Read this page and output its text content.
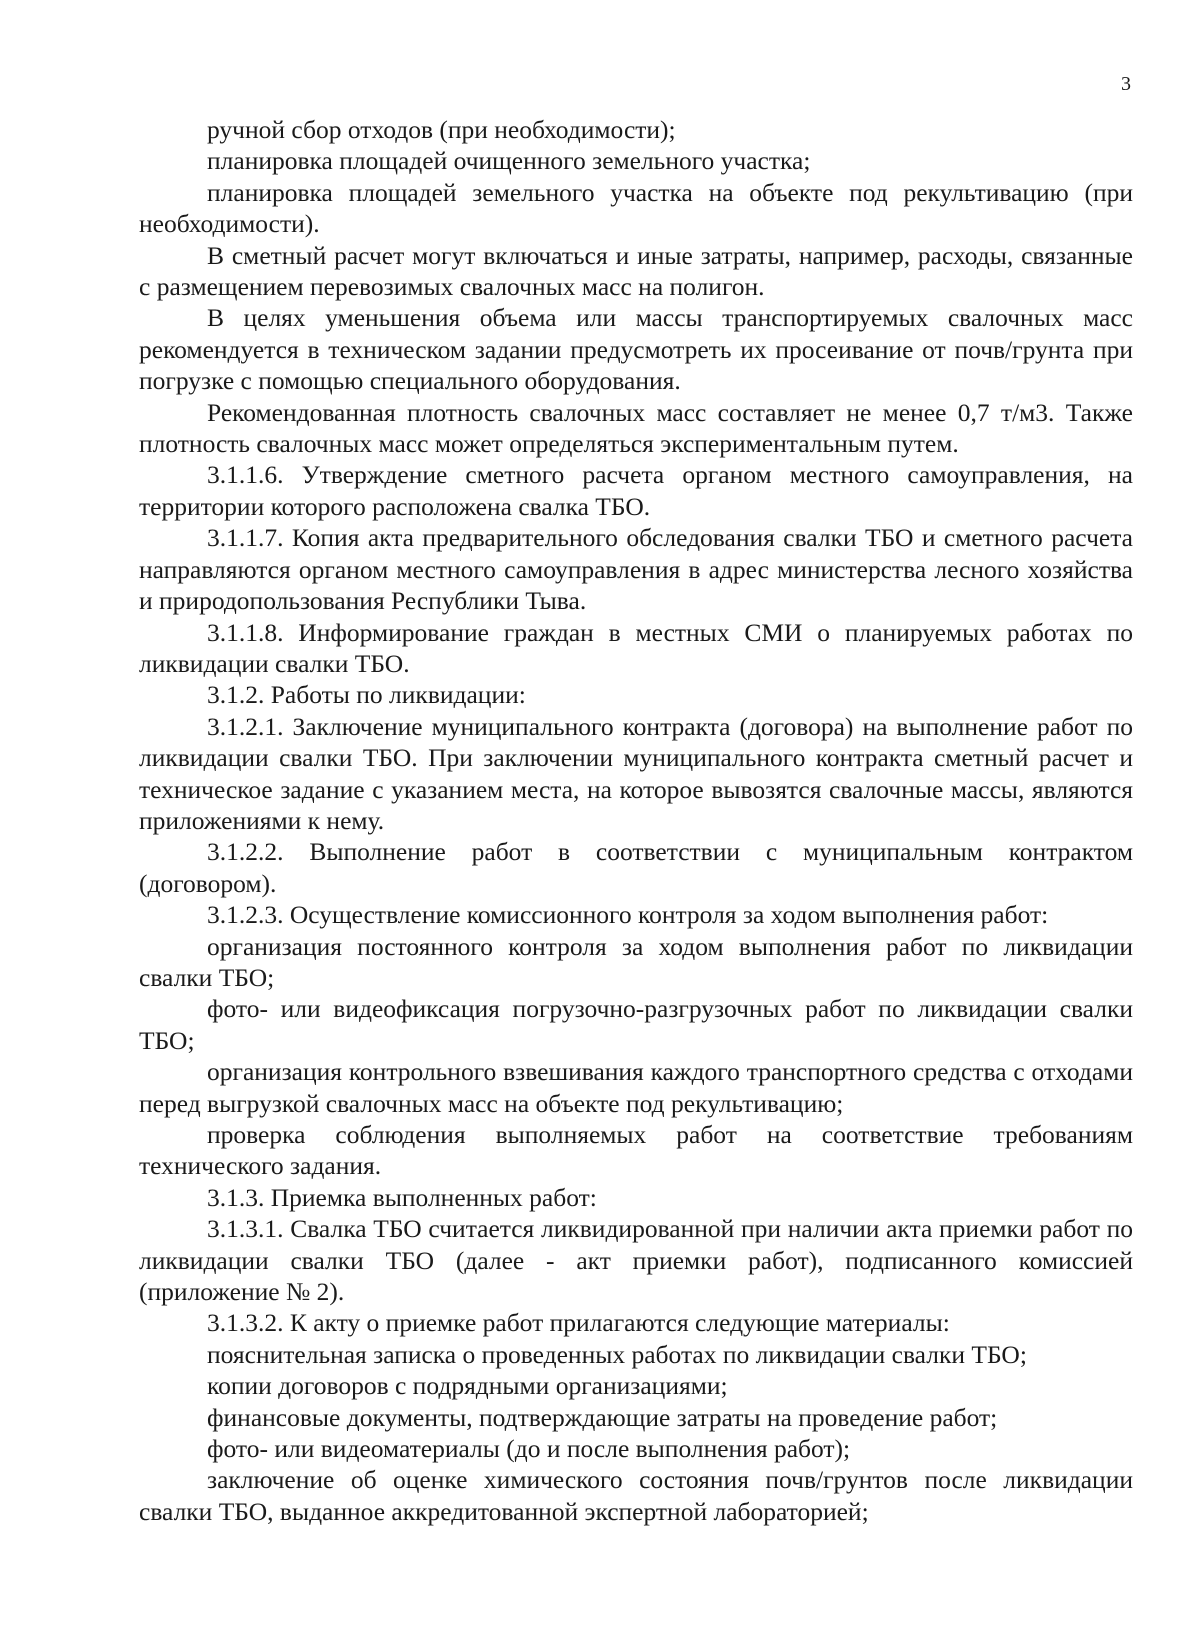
3

ручной сбор отходов (при необходимости);

планировка площадей очищенного земельного участка;

планировка площадей земельного участка на объекте под рекультивацию (при необходимости).

В сметный расчет могут включаться и иные затраты, например, расходы, связанные с размещением перевозимых свалочных масс на полигон.

В целях уменьшения объема или массы транспортируемых свалочных масс рекомендуется в техническом задании предусмотреть их просеивание от почв/грунта при погрузке с помощью специального оборудования.

Рекомендованная плотность свалочных масс составляет не менее 0,7 т/м3. Также плотность свалочных масс может определяться экспериментальным путем.

3.1.1.6. Утверждение сметного расчета органом местного самоуправления, на территории которого расположена свалка ТБО.

3.1.1.7. Копия акта предварительного обследования свалки ТБО и сметного расчета направляются органом местного самоуправления в адрес министерства лесного хозяйства и природопользования Республики Тыва.

3.1.1.8. Информирование граждан в местных СМИ о планируемых работах по ликвидации свалки ТБО.

3.1.2. Работы по ликвидации:

3.1.2.1. Заключение муниципального контракта (договора) на выполнение работ по ликвидации свалки ТБО. При заключении муниципального контракта сметный расчет и техническое задание с указанием места, на которое вывозятся свалочные массы, являются приложениями к нему.

3.1.2.2. Выполнение работ в соответствии с муниципальным контрактом (договором).

3.1.2.3. Осуществление комиссионного контроля за ходом выполнения работ:

организация постоянного контроля за ходом выполнения работ по ликвидации свалки ТБО;

фото- или видеофиксация погрузочно-разгрузочных работ по ликвидации свалки ТБО;

организация контрольного взвешивания каждого транспортного средства с отходами перед выгрузкой свалочных масс на объекте под рекультивацию;

проверка соблюдения выполняемых работ на соответствие требованиям технического задания.

3.1.3. Приемка выполненных работ:

3.1.3.1. Свалка ТБО считается ликвидированной при наличии акта приемки работ по ликвидации свалки ТБО (далее - акт приемки работ), подписанного комиссией (приложение № 2).

3.1.3.2. К акту о приемке работ прилагаются следующие материалы:

пояснительная записка о проведенных работах по ликвидации свалки ТБО;

копии договоров с подрядными организациями;

финансовые документы, подтверждающие затраты на проведение работ;

фото- или видеоматериалы (до и после выполнения работ);

заключение об оценке химического состояния почв/грунтов после ликвидации свалки ТБО, выданное аккредитованной экспертной лабораторией;
